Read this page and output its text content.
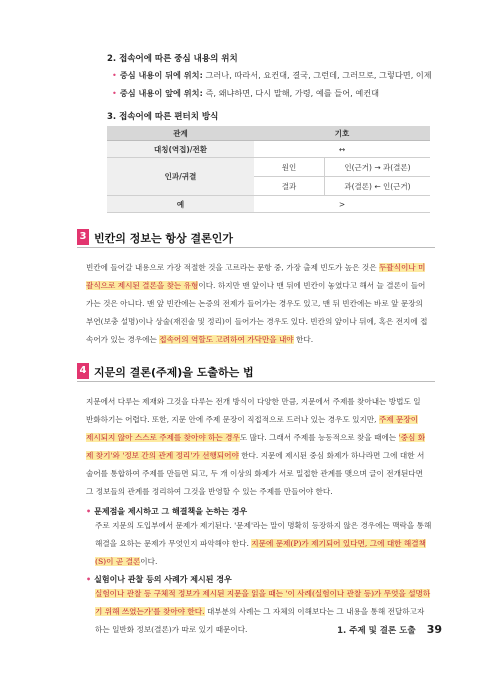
2. 접속어에 따른 중심 내용의 위치
• 중심 내용이 뒤에 위치: 그러나, 따라서, 요컨대, 결국, 그런데, 그러므로, 그렇다면, 이제
• 중심 내용이 앞에 위치: 즉, 왜냐하면, 다시 말해, 가령, 예를 들어, 예컨대
3. 접속어에 따른 편터치 방식
관계	기호	
대칭(역접)/전환	↔	
인과/귀결	원인	인(근거) → 과(결론)
	결과	과(결론) ← 인(근거)
예	>	
3 빈칸의 정보는 항상 결론인가
빈칸에 들어갈 내용으로 가장 적절한 것을 고르라는 문항 중, 가장 출제 빈도가 높은 것은 두괄식이나 미
괄식으로 제시된 결론을 찾는 유형이다. 하지만 맨 앞이나 맨 뒤에 빈칸이 놓였다고 해서 늘 결론이 들어
가는 것은 아니다. 맨 앞 빈칸에는 논증의 전제가 들어가는 경우도 있고, 맨 뒤 빈칸에는 바로 앞 문장의
부연(보충 설명)이나 상술(재진술 및 정리)이 들어가는 경우도 있다. 빈칸의 앞이나 뒤에, 혹은 전지에 접
속어가 있는 경우에는 접속어의 역할도 고려하여 가닥만을 내야 한다.
4 지문의 결론(주제)을 도출하는 법
지문에서 다루는 제재와 그것을 다루는 전개 방식이 다양한 만큼, 지문에서 주제를 찾아내는 방법도 일
반화하기는 어렵다. 또한, 지문 안에 주제 문장이 직접적으로 드러나 있는 경우도 있지만, 주제 문장이
제시되지 않아 스스로 주제를 찾아야 하는 경우도 많다. 그래서 주제를 능동적으로 찾을 때에는 '중심 화
제 찾기'와 '정보 간의 관계 정리'가 선행되어야 한다. 지문에 제시된 중심 화제가 하나라면 그에 대한 서
술어를 통합하여 주제를 만들면 되고, 두 개 이상의 화제가 서로 밀접한 관계를 맺으며 글이 전개된다면
그 정보들의 관계를 정리하여 그것을 반영할 수 있는 주제를 만들어야 한다.
• 문제점을 제시하고 그 해결책을 논하는 경우
주로 지문의 도입부에서 문제가 제기된다. '문제'라는 말이 명확히 등장하지 않은 경우에는 맥락을 통해
해결을 요하는 문제가 무엇인지 파악해야 한다. 지문에 문제(P)가 제기되어 있다면, 그에 대한 해결책
(S)이 곧 결론이다.
• 실험이나 관찰 등의 사례가 제시된 경우
실험이나 관찰 등 구체적 정보가 제시된 지문을 읽을 때는 '이 사례(실험이나 관찰 등)가 무엇을 설명하
기 위해 쓰였는가'를 찾아야 한다. 대부분의 사례는 그 자체의 이해보다는 그 내용을 통해 전달하고자
하는 일반화 정보(결론)가 따로 있기 때문이다.	1. 주제 및 결론 도출 39
